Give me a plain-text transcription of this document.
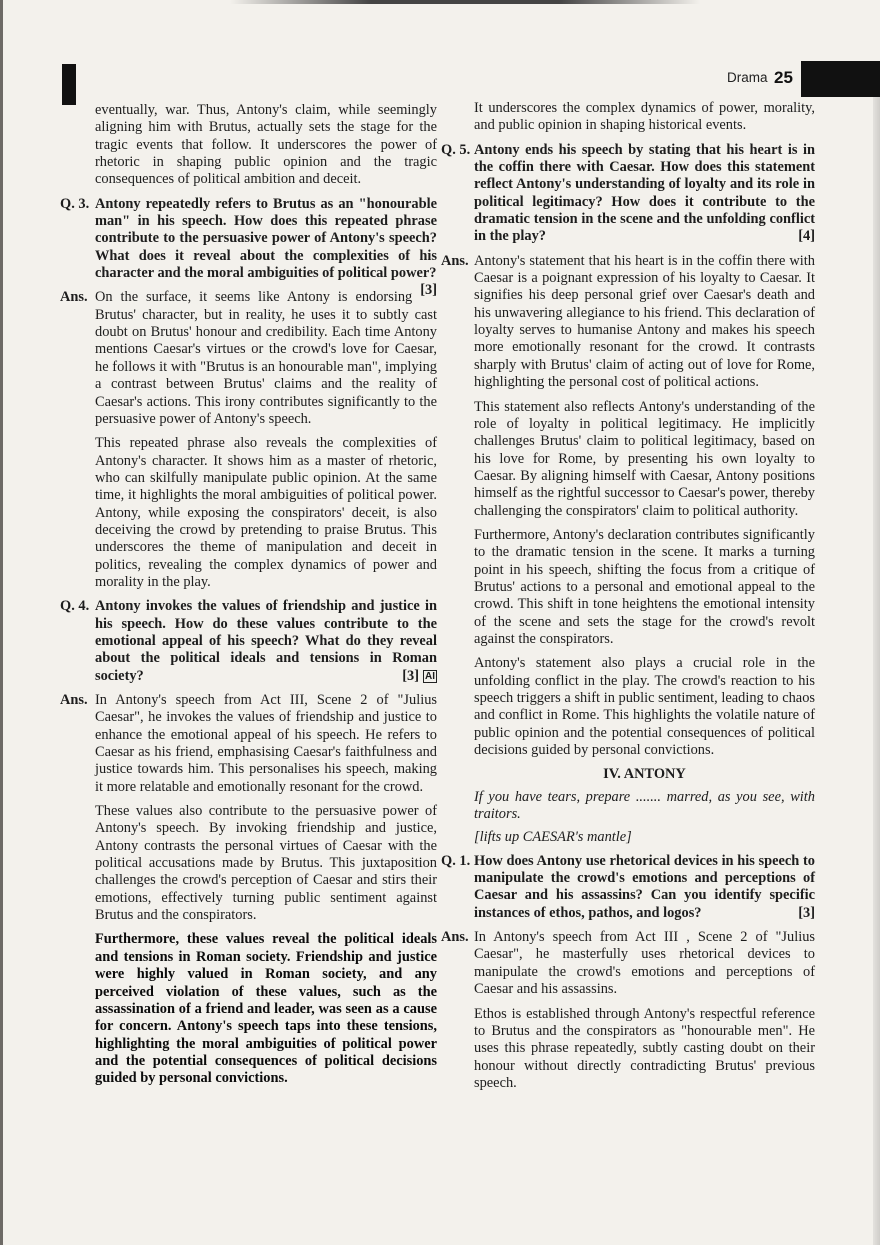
Drama 25

eventually, war. Thus, Antony's claim, while seemingly aligning him with Brutus, actually sets the stage for the tragic events that follow. It underscores the power of rhetoric in shaping public opinion and the tragic consequences of political ambition and deceit.

Q. 3. Antony repeatedly refers to Brutus as an "honourable man" in his speech. How does this repeated phrase contribute to the persuasive power of Antony's speech? What does it reveal about the complexities of his character and the moral ambiguities of political power?
[3]
Ans. On the surface, it seems like Antony is endorsing Brutus' character, but in reality, he uses it to subtly cast doubt on Brutus' honour and credibility. Each time Antony mentions Caesar's virtues or the crowd's love for Caesar, he follows it with "Brutus is an honourable man", implying a contrast between Brutus' claims and the reality of Caesar's actions. This irony contributes significantly to the persuasive power of Antony's speech.

This repeated phrase also reveals the complexities of Antony's character. It shows him as a master of rhetoric, who can skilfully manipulate public opinion. At the same time, it highlights the moral ambiguities of political power. Antony, while exposing the conspirators' deceit, is also deceiving the crowd by pretending to praise Brutus. This underscores the theme of manipulation and deceit in politics, revealing the complex dynamics of power and morality in the play.

Q. 4. Antony invokes the values of friendship and justice in his speech. How do these values contribute to the emotional appeal of his speech? What do they reveal about the political ideals and tensions in Roman society?	[3] AI
Ans. In Antony's speech from Act III, Scene 2 of "Julius Caesar", he invokes the values of friendship and justice to enhance the emotional appeal of his speech. He refers to Caesar as his friend, emphasising Caesar's faithfulness and justice towards him. This personalises his speech, making it more relatable and emotionally resonant for the crowd.

These values also contribute to the persuasive power of Antony's speech. By invoking friendship and justice, Antony contrasts the personal virtues of Caesar with the political accusations made by Brutus. This juxtaposition challenges the crowd's perception of Caesar and stirs their emotions, effectively turning public sentiment against Brutus and the conspirators.

Furthermore, these values reveal the political ideals and tensions in Roman society. Friendship and justice were highly valued in Roman society, and any perceived violation of these values, such as the assassination of a friend and leader, was seen as a cause for concern. Antony's speech taps into these tensions, highlighting the moral ambiguities of political power and the potential consequences of political decisions guided by personal convictions.

It underscores the complex dynamics of power, morality, and public opinion in shaping historical events.

Q. 5. Antony ends his speech by stating that his heart is in the coffin there with Caesar. How does this statement reflect Antony's understanding of loyalty and its role in political legitimacy? How does it contribute to the dramatic tension in the scene and the unfolding conflict in the play?	[4]
Ans. Antony's statement that his heart is in the coffin there with Caesar is a poignant expression of his loyalty to Caesar. It signifies his deep personal grief over Caesar's death and his unwavering allegiance to his friend. This declaration of loyalty serves to humanise Antony and makes his speech more emotionally resonant for the crowd. It contrasts sharply with Brutus' claim of acting out of love for Rome, highlighting the personal cost of political actions.

This statement also reflects Antony's understanding of the role of loyalty in political legitimacy. He implicitly challenges Brutus' claim to political legitimacy, based on his love for Rome, by presenting his own loyalty to Caesar. By aligning himself with Caesar, Antony positions himself as the rightful successor to Caesar's power, thereby challenging the conspirators' claim to political authority.

Furthermore, Antony's declaration contributes significantly to the dramatic tension in the scene. It marks a turning point in his speech, shifting the focus from a critique of Brutus' actions to a personal and emotional appeal to the crowd. This shift in tone heightens the emotional intensity of the scene and sets the stage for the crowd's revolt against the conspirators.

Antony's statement also plays a crucial role in the unfolding conflict in the play. The crowd's reaction to his speech triggers a shift in public sentiment, leading to chaos and conflict in Rome. This highlights the volatile nature of public opinion and the potential consequences of political decisions guided by personal convictions.

IV. ANTONY

If you have tears, prepare ....... marred, as you see, with traitors.

[lifts up CAESAR's mantle]

Q. 1. How does Antony use rhetorical devices in his speech to manipulate the crowd's emotions and perceptions of Caesar and his assassins? Can you identify specific instances of ethos, pathos, and logos?	[3]
Ans. In Antony's speech from Act III , Scene 2 of "Julius Caesar", he masterfully uses rhetorical devices to manipulate the crowd's emotions and perceptions of Caesar and his assassins.

Ethos is established through Antony's respectful reference to Brutus and the conspirators as "honourable men". He uses this phrase repeatedly, subtly casting doubt on their honour without directly contradicting Brutus' previous speech.
